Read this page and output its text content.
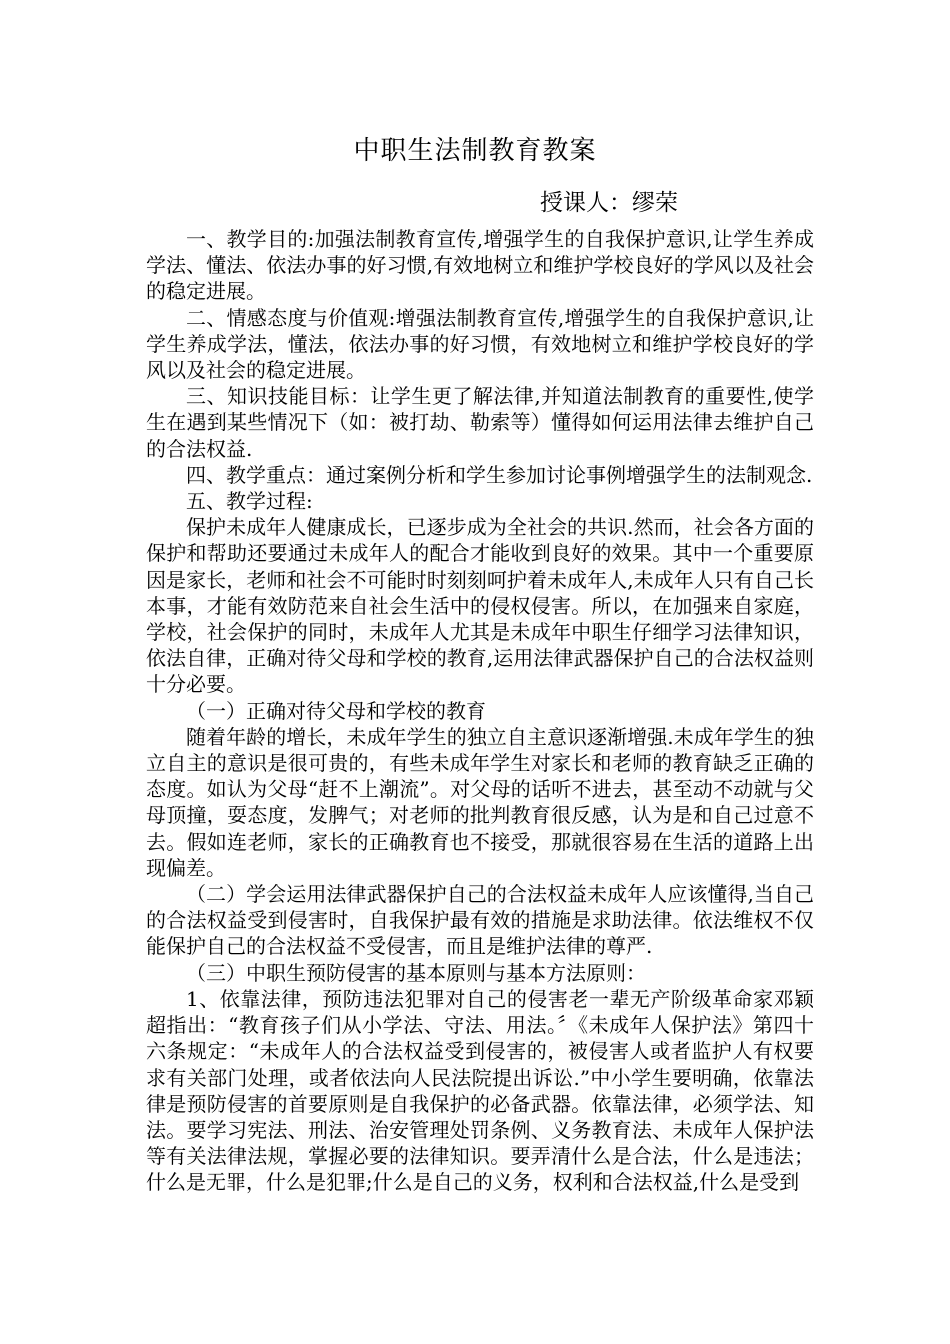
中职生法制教育教案
授课人：缪荣

一、教学目的:加强法制教育宣传,增强学生的自我保护意识,让学生养成学法、懂法、依法办事的好习惯,有效地树立和维护学校良好的学风以及社会的稳定进展。

二、情感态度与价值观:增强法制教育宣传,增强学生的自我保护意识,让学生养成学法，懂法，依法办事的好习惯，有效地树立和维护学校良好的学风以及社会的稳定进展。

三、知识技能目标：让学生更了解法律,并知道法制教育的重要性,使学生在遇到某些情况下（如：被打劫、勒索等）懂得如何运用法律去维护自己的合法权益.

四、教学重点：通过案例分析和学生参加讨论事例增强学生的法制观念.

五、教学过程:

保护未成年人健康成长，已逐步成为全社会的共识.然而，社会各方面的保护和帮助还要通过未成年人的配合才能收到良好的效果。其中一个重要原因是家长，老师和社会不可能时时刻刻呵护着未成年人,未成年人只有自己长本事，才能有效防范来自社会生活中的侵权侵害。所以，在加强来自家庭，学校，社会保护的同时，未成年人尤其是未成年中职生仔细学习法律知识，依法自律，正确对待父母和学校的教育,运用法律武器保护自己的合法权益则十分必要。

（一）正确对待父母和学校的教育

随着年龄的增长，未成年学生的独立自主意识逐渐增强.未成年学生的独立自主的意识是很可贵的，有些未成年学生对家长和老师的教育缺乏正确的态度。如认为父母“赶不上潮流”。对父母的话听不进去，甚至动不动就与父母顶撞，耍态度，发脾气；对老师的批判教育很反感，认为是和自己过意不去。假如连老师，家长的正确教育也不接受，那就很容易在生活的道路上出现偏差。

（二）学会运用法律武器保护自己的合法权益未成年人应该懂得,当自己的合法权益受到侵害时，自我保护最有效的措施是求助法律。依法维权不仅能保护自己的合法权益不受侵害，而且是维护法律的尊严.

（三）中职生预防侵害的基本原则与基本方法原则：

1、依靠法律，预防违法犯罪对自己的侵害老一辈无产阶级革命家邓颖超指出：“教育孩子们从小学法、守法、用法。〞《未成年人保护法》第四十六条规定：“未成年人的合法权益受到侵害的，被侵害人或者监护人有权要求有关部门处理，或者依法向人民法院提出诉讼.”中小学生要明确，依靠法律是预防侵害的首要原则是自我保护的必备武器。依靠法律，必须学法、知法。要学习宪法、刑法、治安管理处罚条例、义务教育法、未成年人保护法等有关法律法规，掌握必要的法律知识。要弄清什么是合法，什么是违法；什么是无罪，什么是犯罪;什么是自己的义务，权利和合法权益,什么是受到
